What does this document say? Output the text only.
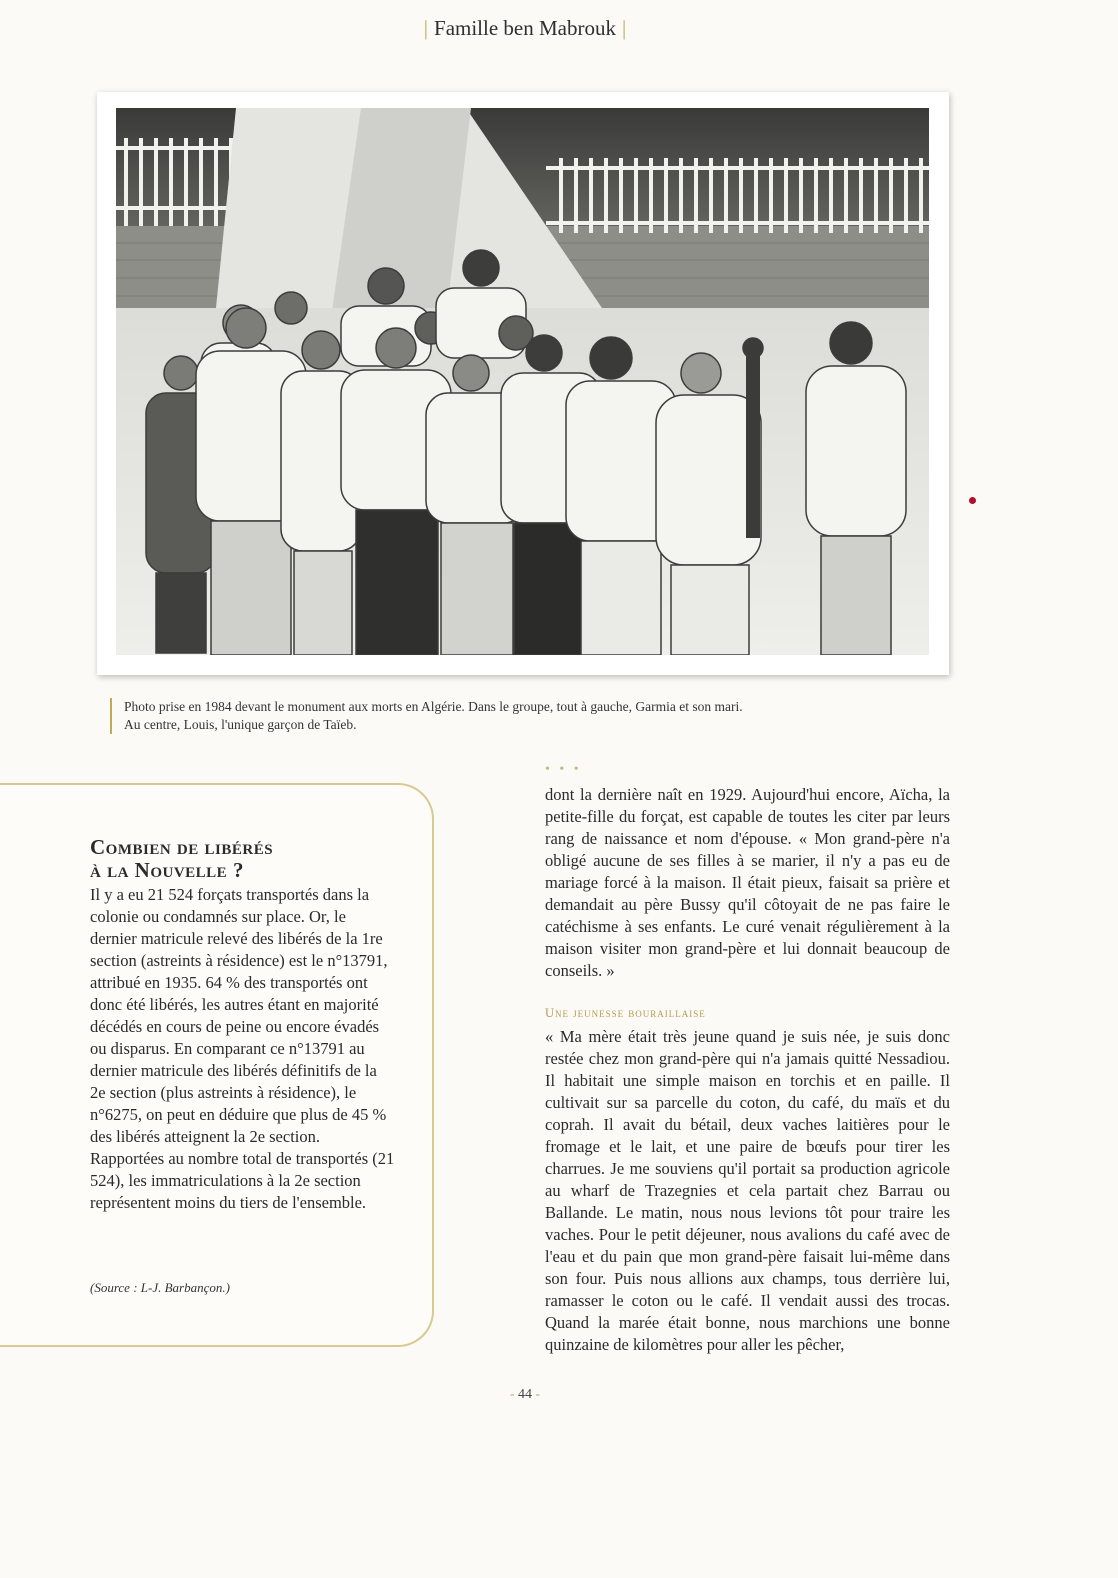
| Famille ben Mabrouk |
Photo prise en 1984 devant le monument aux morts en Algérie. Dans le groupe, tout à gauche, Garmia et son mari.
Au centre, Louis, l'unique garçon de Taïeb.
Combien de libérés
à la Nouvelle ?
Il y a eu 21 524 forçats transportés dans la colonie ou condamnés sur place. Or, le dernier matricule relevé des libérés de la 1re section (astreints à résidence) est le n°13791, attribué en 1935. 64 % des transportés ont donc été libérés, les autres étant en majorité décédés en cours de peine ou encore évadés ou disparus. En comparant ce n°13791 au dernier matricule des libérés définitifs de la 2e section (plus astreints à résidence), le n°6275, on peut en déduire que plus de 45 % des libérés atteignent la 2e section. Rapportées au nombre total de transportés (21 524), les immatriculations à la 2e section représentent moins du tiers de l'ensemble.
(Source : L-J. Barbançon.)
• • •
dont la dernière naît en 1929. Aujourd'hui encore, Aïcha, la petite-fille du forçat, est capable de toutes les citer par leurs rang de naissance et nom d'épouse. « Mon grand-père n'a obligé aucune de ses filles à se marier, il n'y a pas eu de mariage forcé à la maison. Il était pieux, faisait sa prière et demandait au père Bussy qu'il côtoyait de ne pas faire le catéchisme à ses enfants. Le curé venait régulièrement à la maison visiter mon grand-père et lui donnait beaucoup de conseils. »
Une jeunesse bouraillaise
« Ma mère était très jeune quand je suis née, je suis donc restée chez mon grand-père qui n'a jamais quitté Nessadiou. Il habitait une simple maison en torchis et en paille. Il cultivait sur sa parcelle du coton, du café, du maïs et du coprah. Il avait du bétail, deux vaches laitières pour le fromage et le lait, et une paire de bœufs pour tirer les charrues. Je me souviens qu'il portait sa production agricole au wharf de Trazegnies et cela partait chez Barrau ou Ballande. Le matin, nous nous levions tôt pour traire les vaches. Pour le petit déjeuner, nous avalions du café avec de l'eau et du pain que mon grand-père faisait lui-même dans son four. Puis nous allions aux champs, tous derrière lui, ramasser le coton ou le café. Il vendait aussi des trocas. Quand la marée était bonne, nous marchions une bonne quinzaine de kilomètres pour aller les pêcher,
- 44 -
